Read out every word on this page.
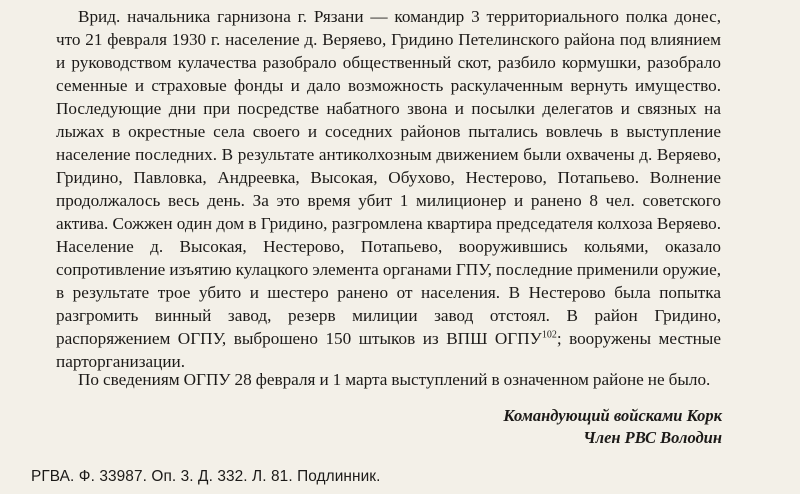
Врид. начальника гарнизона г. Рязани — командир 3 территориального полка донес, что 21 февраля 1930 г. население д. Веряево, Гридино Петелинского района под влиянием и руководством кулачества разобрало общественный скот, разбило кормушки, разобрало семенные и страховые фонды и дало возможность раскулаченным вернуть имущество. Последующие дни при посредстве набатного звона и посылки делегатов и связных на лыжах в окрестные села своего и соседних районов пытались вовлечь в выступление население последних. В результате антиколхозным движением были охвачены д. Веряево, Гридино, Павловка, Андреевка, Высокая, Обухово, Нестерово, Потапьево. Волнение продолжалось весь день. За это время убит 1 милиционер и ранено 8 чел. советского актива. Сожжен один дом в Гридино, разгромлена квартира председателя колхоза Веряево. Население д. Высокая, Нестерово, Потапьево, вооружившись кольями, оказало сопротивление изъятию кулацкого элемента органами ГПУ, последние применили оружие, в результате трое убито и шестеро ранено от населения. В Нестерово была попытка разгромить винный завод, резерв милиции завод отстоял. В район Гридино, распоряжением ОГПУ, выброшено 150 штыков из ВПШ ОГПУ$^{102}$; вооружены местные парторганизации.

По сведениям ОГПУ 28 февраля и 1 марта выступлений в означенном районе не было.

Командующий войсками Корк
Член РВС Володин
РГВА. Ф. 33987. Оп. 3. Д. 332. Л. 81. Подлинник.
